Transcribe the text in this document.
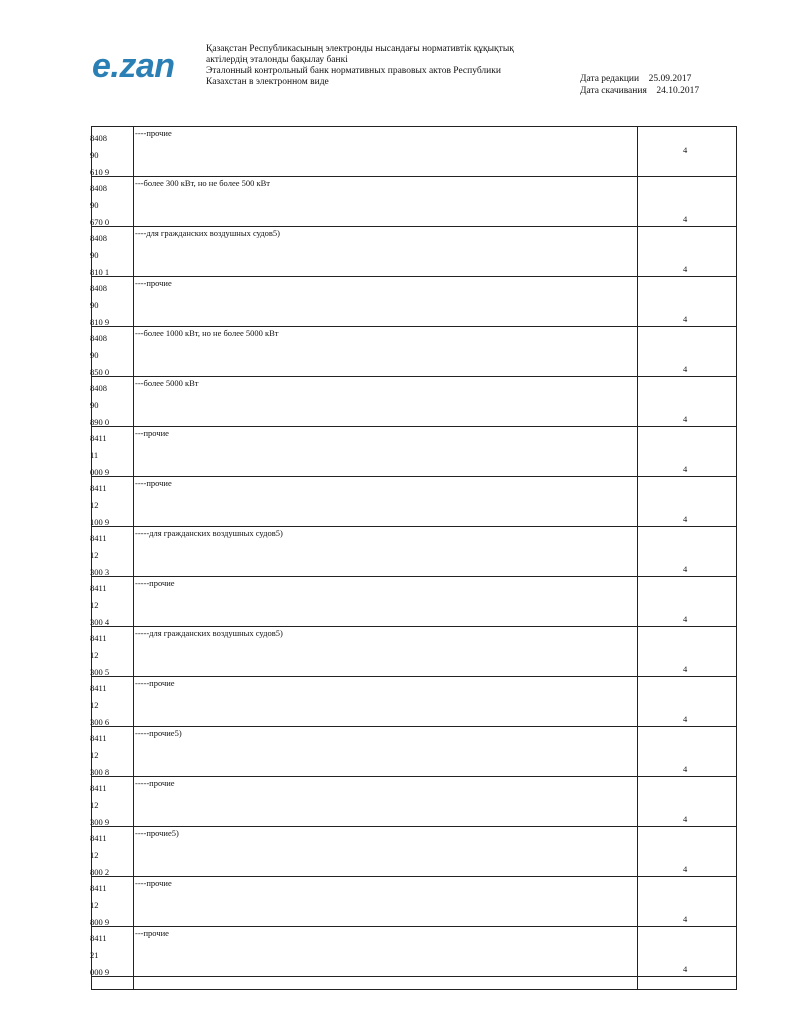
e.zan	Қазақстан Республикасының электронды нысандағы нормативтік құқықтық
актілердің эталонды бақылау банкі
Эталонный контрольный банк нормативных правовых актов Республики
Казахстан в электронном виде	Дата редакции 25.09.2017
Дата скачивания 24.10.2017
8408
90
610 9
----прочие
4
8408
90
670 0
---более 300 кВт, но не более 500 кВт
4
8408
90
810 1
----для гражданских воздушных судов5)
4
8408
90
810 9
----прочие
4
8408
90
850 0
---более 1000 кВт, но не более 5000 кВт
4
8408
90
890 0
---более 5000 кВт
4
8411
11
000 9
---прочие
4
8411
12
100 9
----прочие
4
8411
12
300 3
-----для гражданских воздушных судов5)
4
8411
12
300 4
-----прочие
4
8411
12
300 5
-----для гражданских воздушных судов5)
4
8411
12
300 6
-----прочие
4
8411
12
300 8
-----прочие5)
4
8411
12
300 9
-----прочие
4
8411
12
800 2
----прочие5)
4
8411
12
800 9
----прочие
4
8411
21
000 9
---прочие
4
